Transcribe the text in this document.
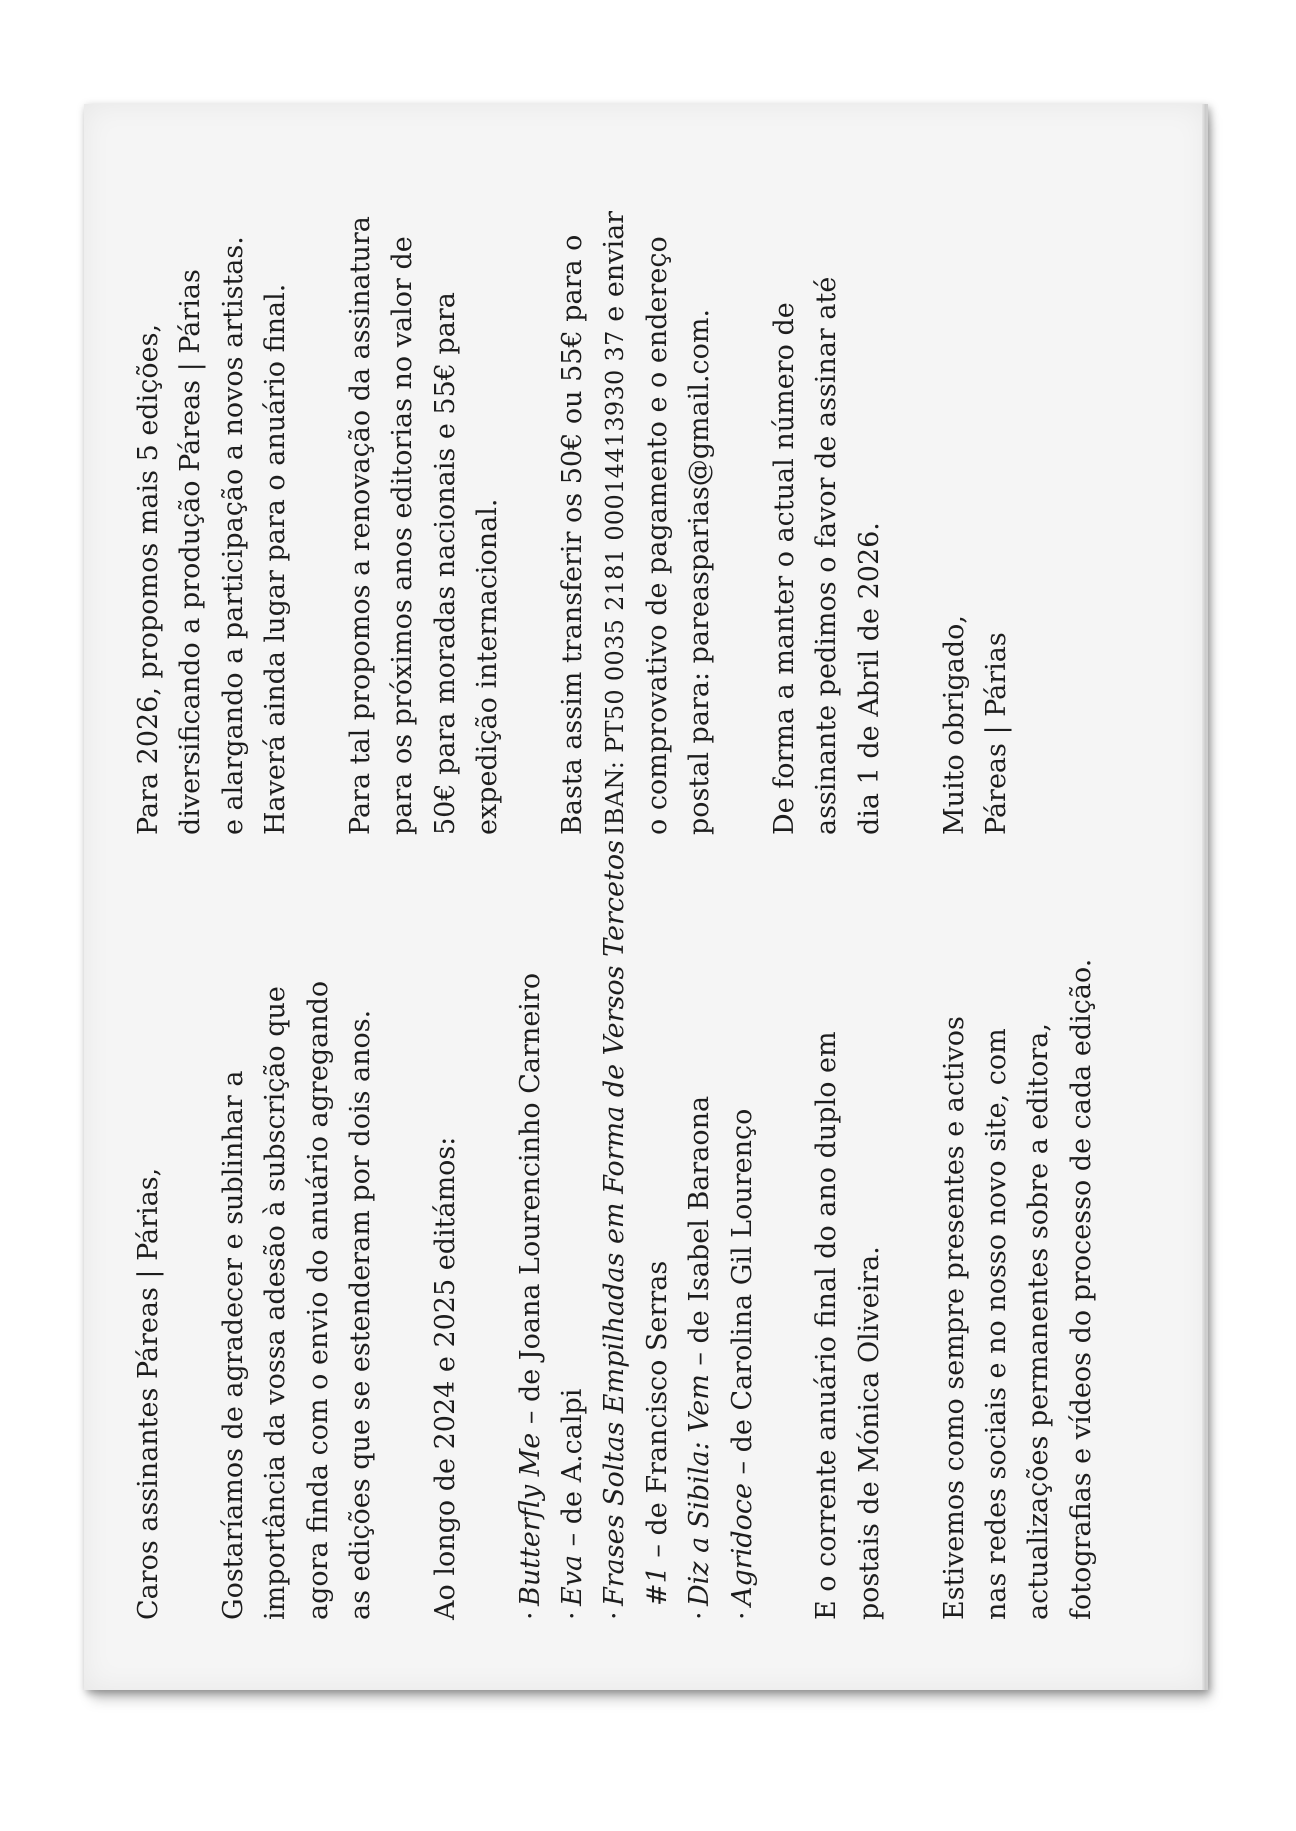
Caros assinantes Páreas | Párias, Gostaríamos de agradecer e sublinhar a
importância da vossa adesão à subscrição que
agora finda com o envio do anuário agregando
as edições que se estenderam por dois anos.

Ao longo de 2024 e 2025 editámos: ·Butterfly Me – de Joana Lourencinho Carneiro
·Eva – de A.calpi
·Frases Soltas Empilhadas em Forma de Versos Tercetos #1 – de Francisco Serras
·Diz a Sibila: Vem – de Isabel Baraona
·Agridoce – de Carolina Gil Lourenço

E o corrente anuário final do ano duplo em
postais de Mónica Oliveira.

Estivemos como sempre presentes e activos
nas redes sociais e no nosso novo site, com
actualizações permanentes sobre a editora,
fotografias e vídeos do processo de cada edição.

Para 2026, propomos mais 5 edições,
diversificando a produção Páreas | Párias
e alargando a participação a novos artistas.
Haverá ainda lugar para o anuário final.

Para tal propomos a renovação da assinatura
para os próximos anos editorias no valor de
50€ para moradas nacionais e 55€ para
expedição internacional. Basta assim transferir os 50€ ou 55€ para o IBAN: PT50 0035 2181 00014413930 37 e enviar
o comprovativo de pagamento e o endereço
postal para: pareasparias@gmail.com.

De forma a manter o actual número de
assinante pedimos o favor de assinar até
dia 1 de Abril de 2026.

Muito obrigado, Páreas | Párias
